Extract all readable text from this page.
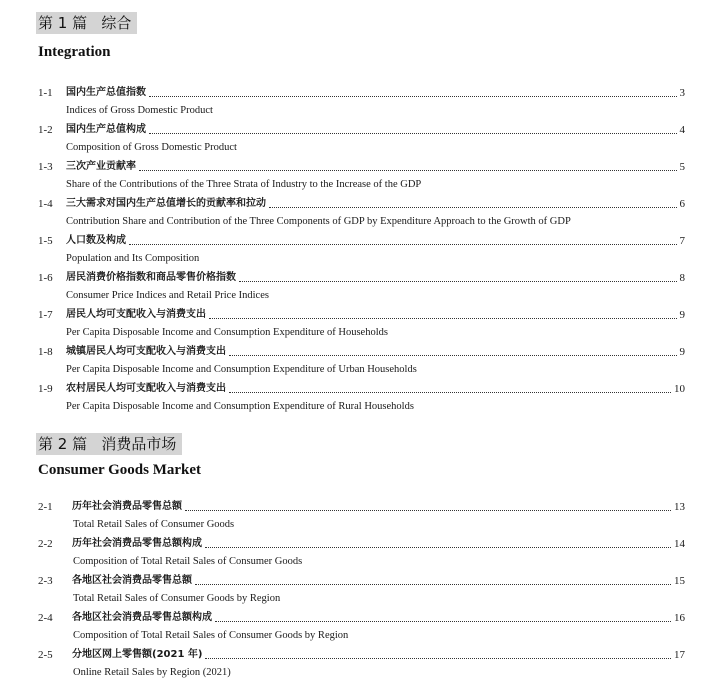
第 1 篇 综合
Integration
1-1 国内生产总值指数	3
Indices of Gross Domestic Product
1-2 国内生产总值构成	4
Composition of Gross Domestic Product
1-3 三次产业贡献率	5
Share of the Contributions of the Three Strata of Industry to the Increase of the GDP
1-4 三大需求对国内生产总值增长的贡献率和拉动	6
Contribution Share and Contribution of the Three Components of GDP by Expenditure Approach to the Growth of GDP
1-5 人口数及构成	7
Population and Its Composition
1-6 居民消费价格指数和商品零售价格指数	8
Consumer Price Indices and Retail Price Indices
1-7 居民人均可支配收入与消费支出	9
Per Capita Disposable Income and Consumption Expenditure of Households
1-8 城镇居民人均可支配收入与消费支出	9
Per Capita Disposable Income and Consumption Expenditure of Urban Households
1-9 农村居民人均可支配收入与消费支出	10
Per Capita Disposable Income and Consumption Expenditure of Rural Households
第 2 篇 消费品市场
Consumer Goods Market
2-1 历年社会消费品零售总额	13
Total Retail Sales of Consumer Goods
2-2 历年社会消费品零售总额构成	14
Composition of Total Retail Sales of Consumer Goods
2-3 各地区社会消费品零售总额	15
Total Retail Sales of Consumer Goods by Region
2-4 各地区社会消费品零售总额构成	16
Composition of Total Retail Sales of Consumer Goods by Region
2-5 分地区网上零售额(2021 年)	17
Online Retail Sales by Region (2021)
